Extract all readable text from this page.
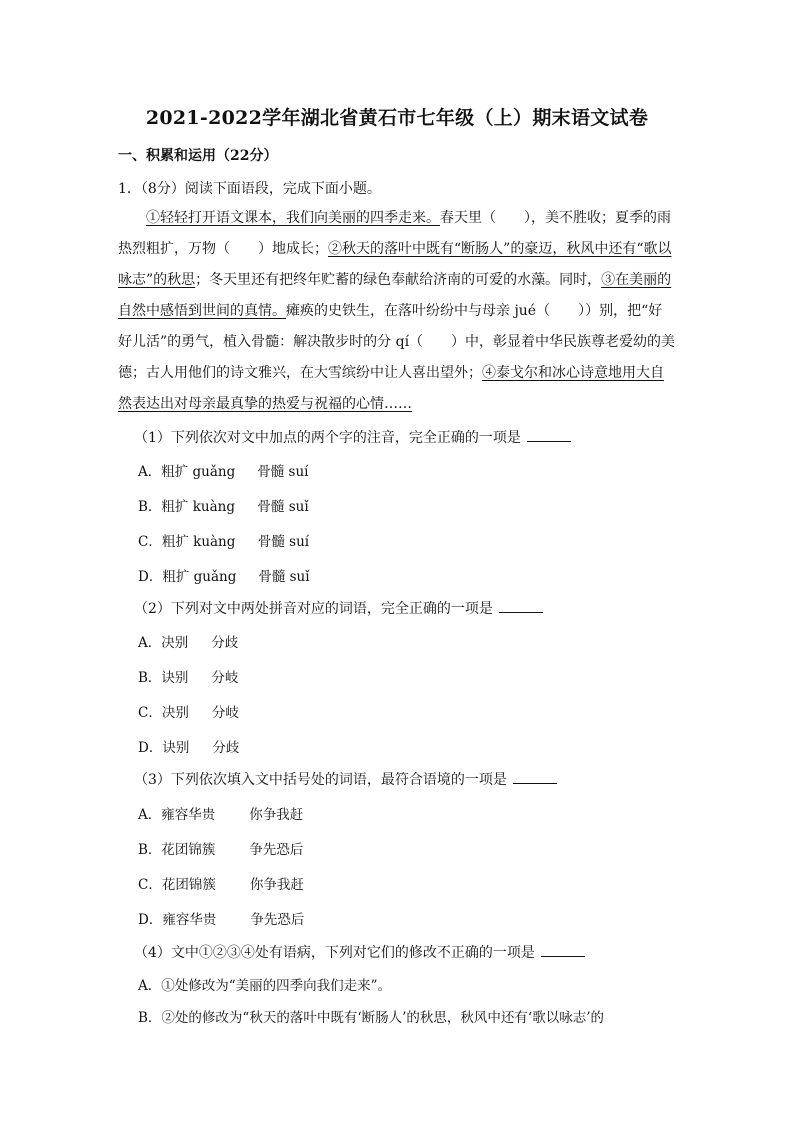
2021-2022学年湖北省黄石市七年级（上）期末语文试卷
一、积累和运用（22分）
1．（8分）阅读下面语段，完成下面小题。
①轻轻打开语文课本，我们向美丽的四季走来。春天里（　　），美不胜收；夏季的雨热烈粗扩，万物（　　）地成长；②秋天的落叶中既有“断肠人”的豪迈，秋风中还有“歌以咏志”的秋思；冬天里还有把终年贮蓄的绿色奉献给济南的可爱的水藻。同时，③在美丽的自然中感悟到世间的真情。瘫痪的史铁生，在落叶纷纷中与母亲 jué（　　））别，把“好好儿活”的勇气，植入骨髓：解决散步时的分 qí（　　）中，彰显着中华民族尊老爱幼的美德；古人用他们的诗文雅兴，在大雪缤纷中让人喜出望外；④泰戈尔和冰心诗意地用大自然表达出对母亲最真挚的热爱与祝福的心情……
（1）下列依次对文中加点的两个字的注音，完全正确的一项是
A．粗扩 guǎng 骨髓 suí
B．粗扩 kuàng 骨髓 suǐ
C．粗扩 kuàng 骨髓 suí
D．粗扩 guǎng 骨髓 suǐ
（2）下列对文中两处拼音对应的词语，完全正确的一项是
A．决别 分歧
B．诀别 分岐
C．决别 分岐
D．诀别 分歧
（3）下列依次填入文中括号处的词语，最符合语境的一项是
A．雍容华贵	你争我赶
B．花团锦簇	争先恐后
C．花团锦簇	你争我赶
D．雍容华贵	争先恐后
（4）文中①②③④处有语病，下列对它们的修改不正确的一项是
A．①处修改为“美丽的四季向我们走来”。
B．②处的修改为“秋天的落叶中既有‘断肠人’的秋思，秋风中还有‘歌以咏志’的
